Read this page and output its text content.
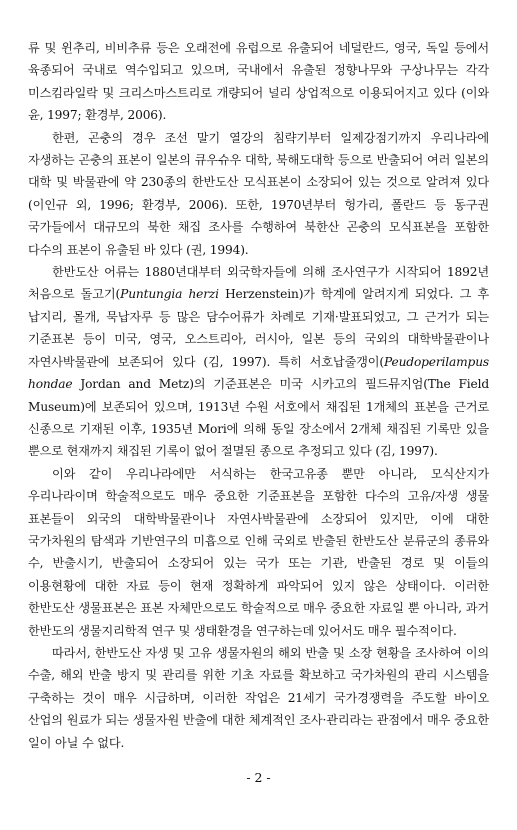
류 및 윈추리, 비비추류 등은 오래전에 유럽으로 유출되어 네덜란드, 영국, 독일 등에서 육종되어 국내로 역수입되고 있으며, 국내에서 유출된 정향나무와 구상나무는 각각 미스킴라일락 및 크리스마스트리로 개량되어 널리 상업적으로 이용되어지고 있다 (이와 윤, 1997; 환경부, 2006).

한편, 곤충의 경우 조선 말기 열강의 침략기부터 일제강점기까지 우리나라에 자생하는 곤충의 표본이 일본의 큐우슈우 대학, 북해도대학 등으로 반출되어 여러 일본의 대학 및 박물관에 약 230종의 한반도산 모식표본이 소장되어 있는 것으로 알려져 있다 (이인규 외, 1996; 환경부, 2006). 또한, 1970년부터 헝가리, 폴란드 등 동구권 국가들에서 대규모의 북한 채집 조사를 수행하여 북한산 곤충의 모식표본을 포함한 다수의 표본이 유출된 바 있다 (권, 1994).

한반도산 어류는 1880년대부터 외국학자들에 의해 조사연구가 시작되어 1892년 처음으로 돌고기(Puntungia herzi Herzenstein)가 학계에 알려지게 되었다. 그 후 납지리, 몰개, 묵납자루 등 많은 담수어류가 차례로 기재·발표되었고, 그 근거가 되는 기준표본 등이 미국, 영국, 오스트리아, 러시아, 일본 등의 국외의 대학박물관이나 자연사박물관에 보존되어 있다 (김, 1997). 특히 서호납줄갱이(Peudoperilampus hondae Jordan and Metz)의 기준표본은 미국 시카고의 필드뮤지엄(The Field Museum)에 보존되어 있으며, 1913년 수원 서호에서 채집된 1개체의 표본을 근거로 신종으로 기재된 이후, 1935년 Mori에 의해 동일 장소에서 2개체 채집된 기록만 있을 뿐으로 현재까지 채집된 기록이 없어 절멸된 종으로 추정되고 있다 (김, 1997).

이와 같이 우리나라에만 서식하는 한국고유종 뿐만 아니라, 모식산지가 우리나라이며 학술적으로도 매우 중요한 기준표본을 포함한 다수의 고유/자생 생물 표본들이 외국의 대학박물관이나 자연사박물관에 소장되어 있지만, 이에 대한 국가차원의 탐색과 기반연구의 미흡으로 인해 국외로 반출된 한반도산 분류군의 종류와 수, 반출시기, 반출되어 소장되어 있는 국가 또는 기관, 반출된 경로 및 이들의 이용현황에 대한 자료 등이 현재 정확하게 파악되어 있지 않은 상태이다. 이러한 한반도산 생물표본은 표본 자체만으로도 학술적으로 매우 중요한 자료일 뿐 아니라, 과거 한반도의 생물지리학적 연구 및 생태환경을 연구하는데 있어서도 매우 필수적이다.

따라서, 한반도산 자생 및 고유 생물자원의 해외 반출 및 소장 현황을 조사하여 이의 수출, 해외 반출 방지 및 관리를 위한 기초 자료를 확보하고 국가차원의 관리 시스템을 구축하는 것이 매우 시급하며, 이러한 작업은 21세기 국가경쟁력을 주도할 바이오 산업의 원료가 되는 생물자원 반출에 대한 체계적인 조사·관리라는 관점에서 매우 중요한 일이 아닐 수 없다.

- 2 -
